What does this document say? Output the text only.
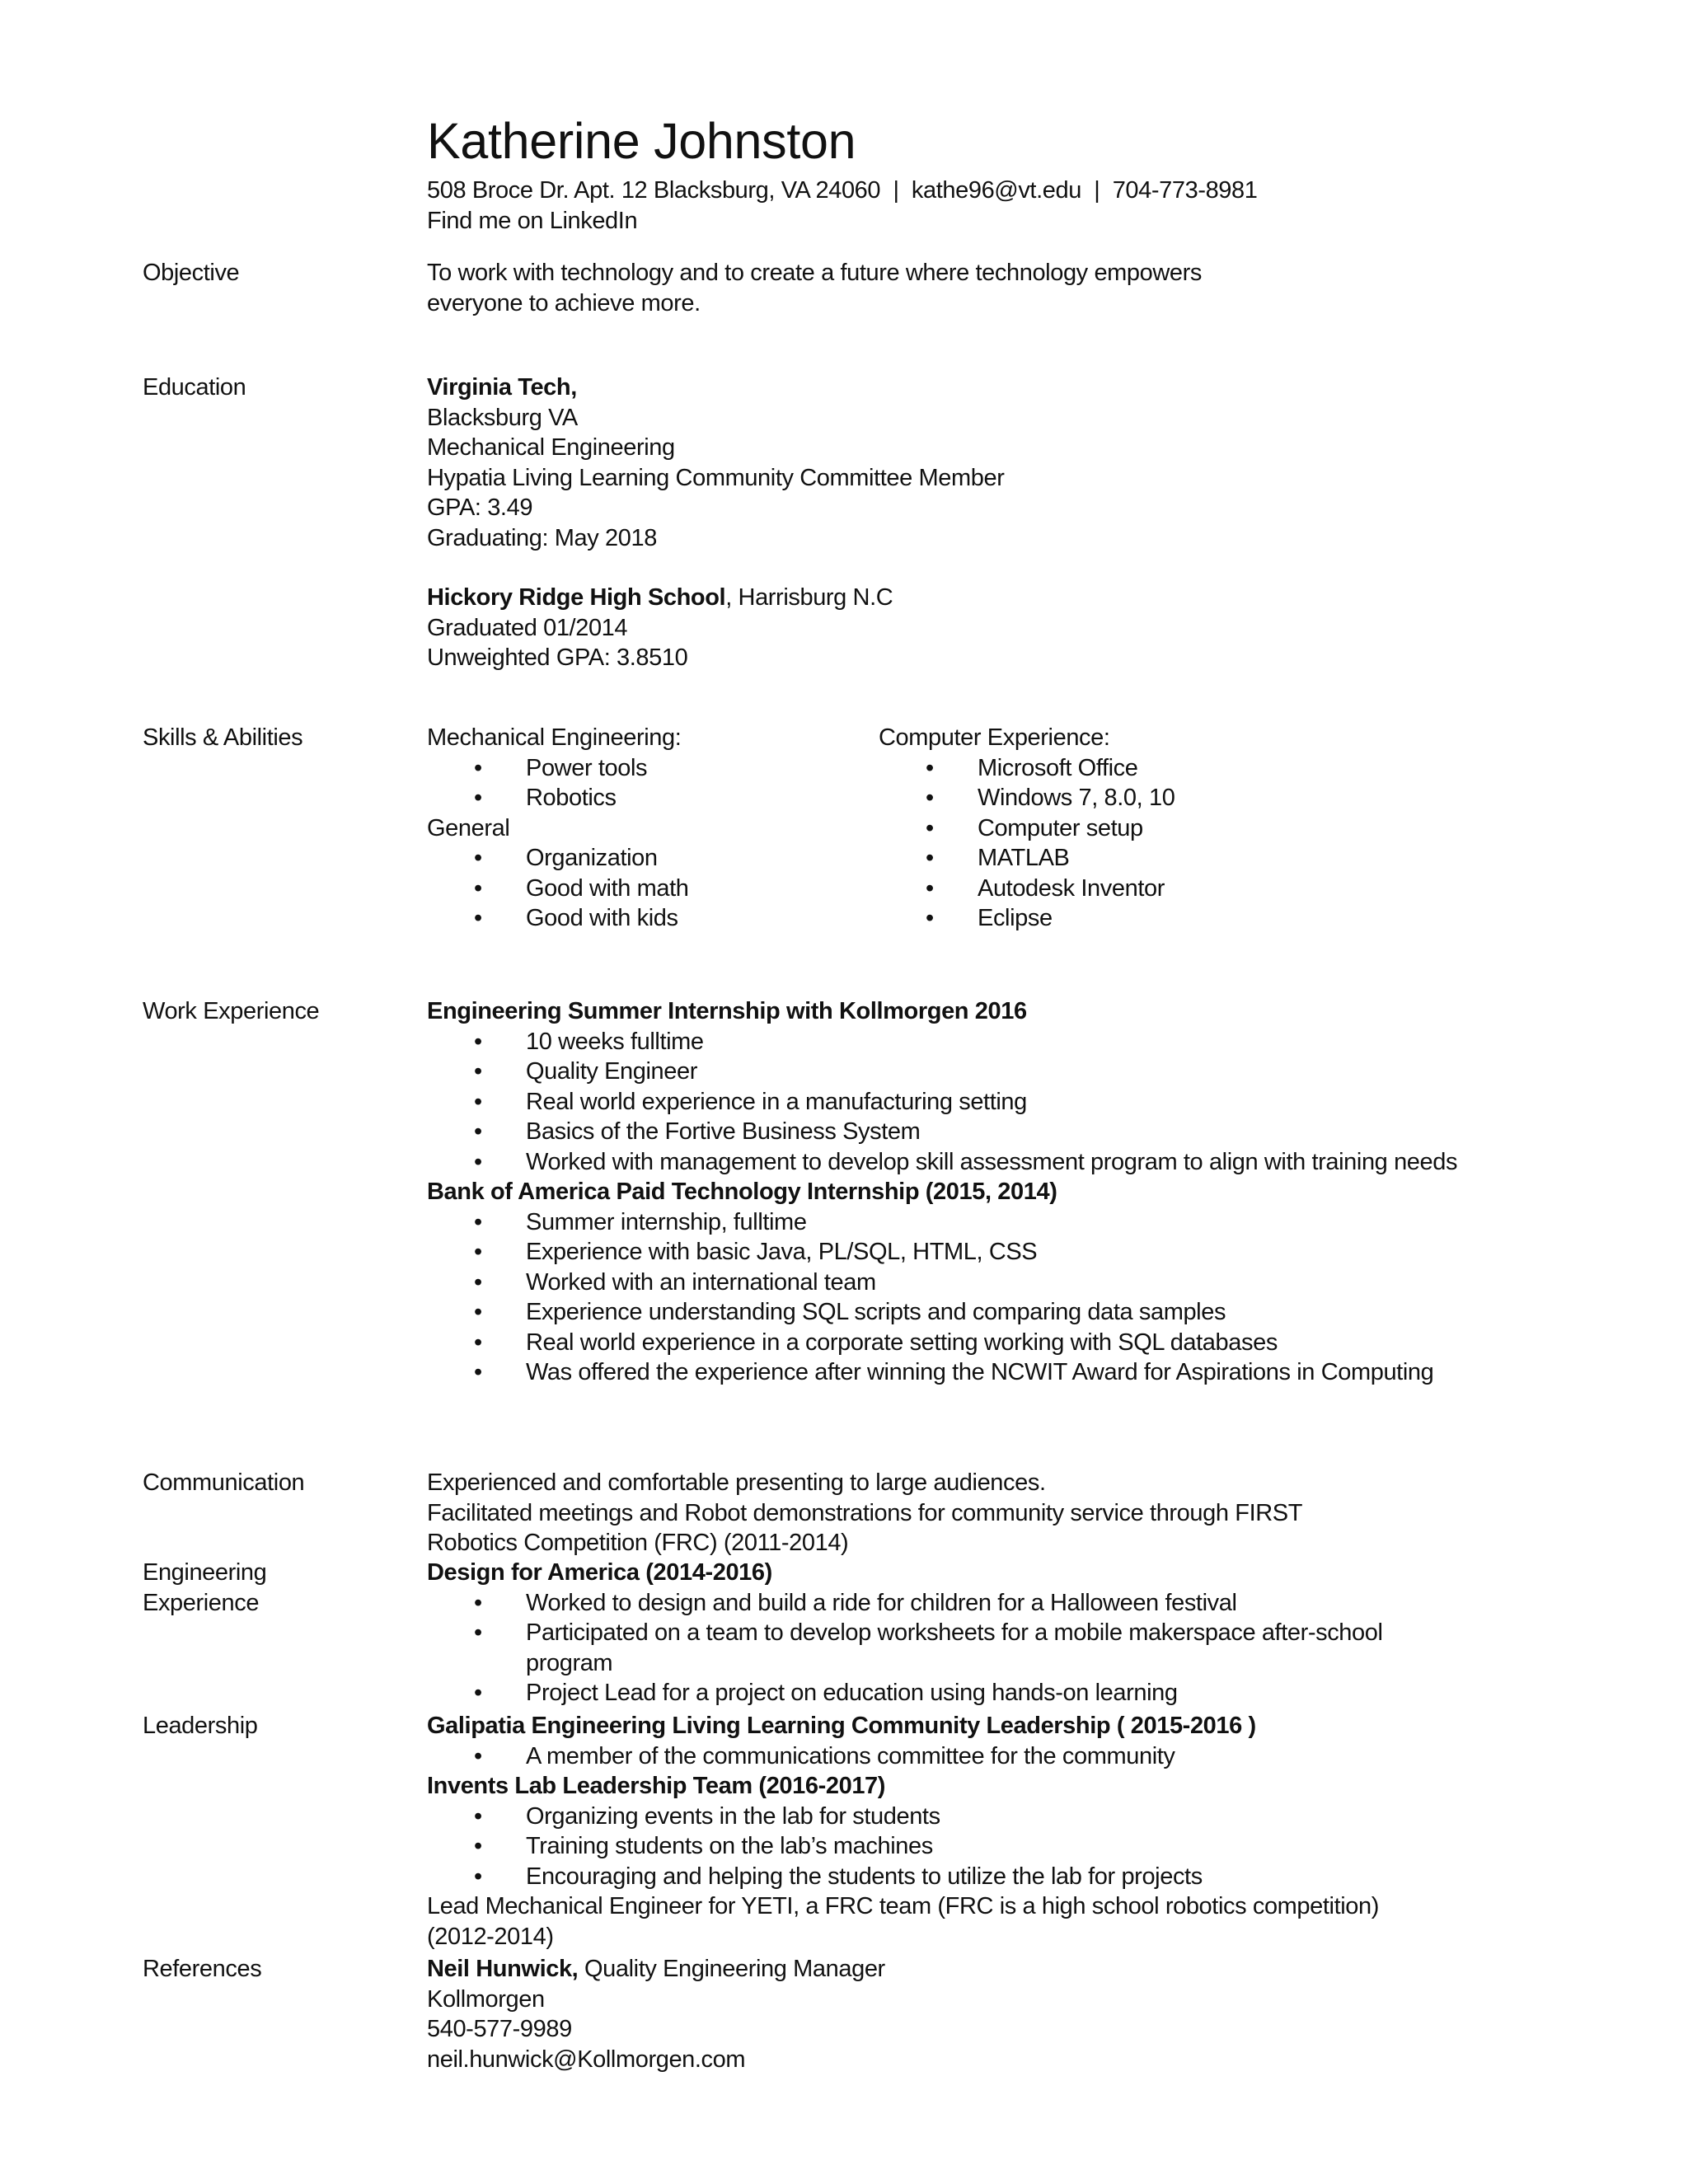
Katherine Johnston
508 Broce Dr. Apt. 12 Blacksburg, VA 24060  |  kathe96@vt.edu  |  704-773-8981
Find me on LinkedIn
Objective	To work with technology and to create a future where technology empowers
everyone to achieve more.
Education	Virginia Tech,
Blacksburg VA
Mechanical Engineering
Hypatia Living Learning Community Committee Member
GPA: 3.49
Graduating: May 2018
Hickory Ridge High School, Harrisburg N.C
Graduated 01/2014
Unweighted GPA: 3.8510
Skills & Abilities	Mechanical Engineering:
• Power tools
• Robotics
General
• Organization
• Good with math
• Good with kids
Computer Experience:
• Microsoft Office
• Windows 7, 8.0, 10
• Computer setup
• MATLAB
• Autodesk Inventor
• Eclipse
Work Experience	Engineering Summer Internship with Kollmorgen 2016
• 10 weeks fulltime
• Quality Engineer
• Real world experience in a manufacturing setting
• Basics of the Fortive Business System
• Worked with management to develop skill assessment program to align with training needs
Bank of America Paid Technology Internship (2015, 2014)
• Summer internship, fulltime
• Experience with basic Java, PL/SQL, HTML, CSS
• Worked with an international team
• Experience understanding SQL scripts and comparing data samples
• Real world experience in a corporate setting working with SQL databases
• Was offered the experience after winning the NCWIT Award for Aspirations in Computing
Communication	Experienced and comfortable presenting to large audiences.
Facilitated meetings and Robot demonstrations for community service through FIRST
Robotics Competition (FRC) (2011-2014)
Engineering
Experience
Design for America (2014-2016)
• Worked to design and build a ride for children for a Halloween festival
• Participated on a team to develop worksheets for a mobile makerspace after-school program
• Project Lead for a project on education using hands-on learning
Leadership	Galipatia Engineering Living Learning Community Leadership ( 2015-2016 )
• A member of the communications committee for the community
Invents Lab Leadership Team (2016-2017)
• Organizing events in the lab for students
• Training students on the lab’s machines
• Encouraging and helping the students to utilize the lab for projects
Lead Mechanical Engineer for YETI, a FRC team (FRC is a high school robotics competition)
(2012-2014)
References	Neil Hunwick, Quality Engineering Manager
Kollmorgen
540-577-9989
neil.hunwick@Kollmorgen.com
